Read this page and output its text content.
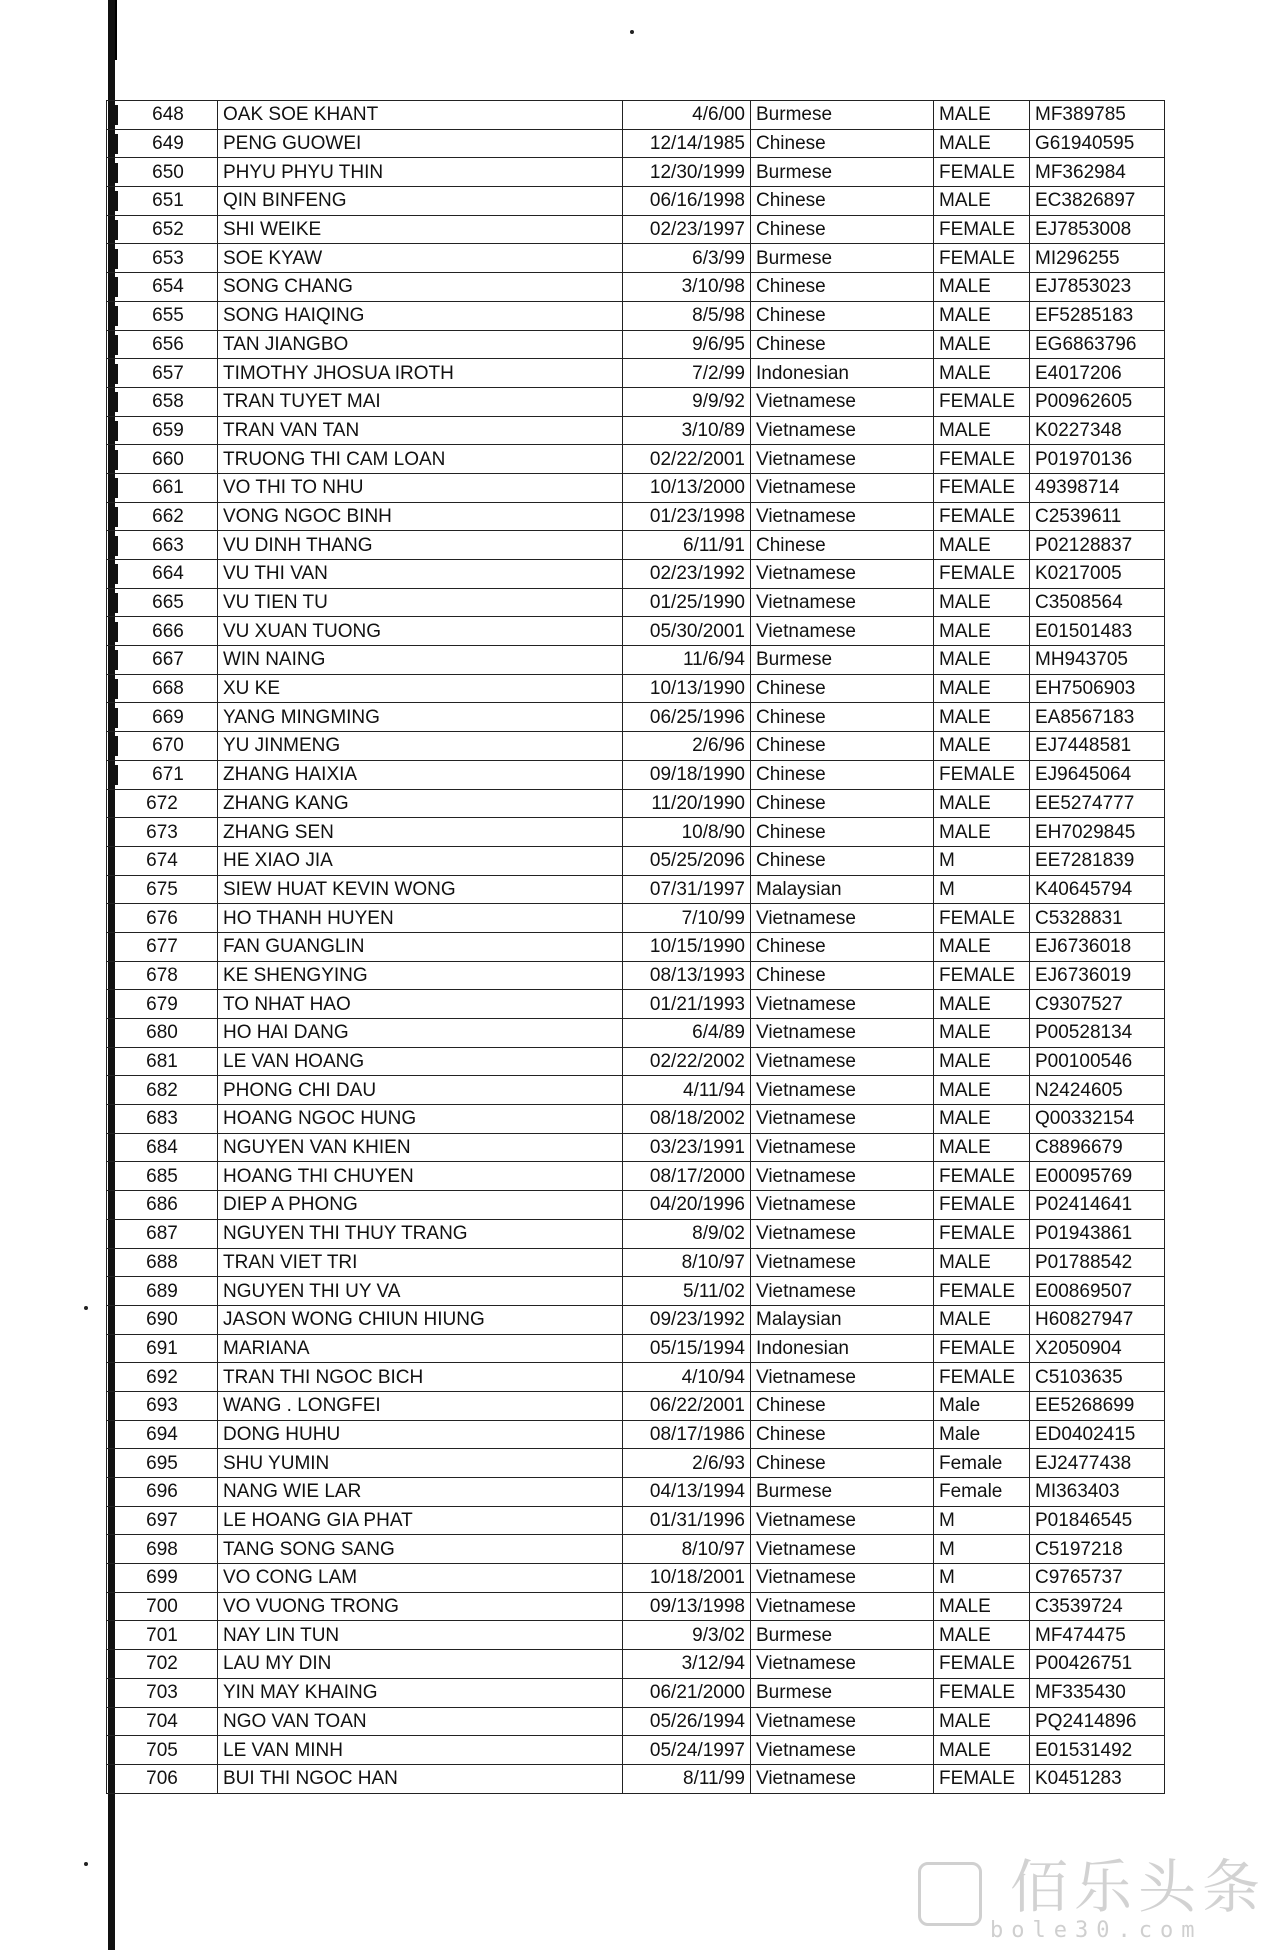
648	OAK SOE KHANT	4/6/00	Burmese	MALE	MF389785

649	PENG GUOWEI	12/14/1985	Chinese	MALE	G61940595

650	PHYU PHYU THIN	12/30/1999	Burmese	FEMALE	MF362984

651	QIN BINFENG	06/16/1998	Chinese	MALE	EC3826897

652	SHI WEIKE	02/23/1997	Chinese	FEMALE	EJ7853008

653	SOE KYAW	6/3/99	Burmese	FEMALE	MI296255

654	SONG CHANG	3/10/98	Chinese	MALE	EJ7853023

655	SONG HAIQING	8/5/98	Chinese	MALE	EF5285183

656	TAN JIANGBO	9/6/95	Chinese	MALE	EG6863796

657	TIMOTHY JHOSUA IROTH	7/2/99	Indonesian	MALE	E4017206

658	TRAN TUYET MAI	9/9/92	Vietnamese	FEMALE	P00962605

659	TRAN VAN TAN	3/10/89	Vietnamese	MALE	K0227348

660	TRUONG THI CAM LOAN	02/22/2001	Vietnamese	FEMALE	P01970136

661	VO THI TO NHU	10/13/2000	Vietnamese	FEMALE	49398714

662	VONG NGOC BINH	01/23/1998	Vietnamese	FEMALE	C2539611

663	VU DINH THANG	6/11/91	Chinese	MALE	P02128837

664	VU THI VAN	02/23/1992	Vietnamese	FEMALE	K0217005

665	VU TIEN TU	01/25/1990	Vietnamese	MALE	C3508564

666	VU XUAN TUONG	05/30/2001	Vietnamese	MALE	E01501483

667	WIN NAING	11/6/94	Burmese	MALE	MH943705

668	XU KE	10/13/1990	Chinese	MALE	EH7506903

669	YANG MINGMING	06/25/1996	Chinese	MALE	EA8567183

670	YU JINMENG	2/6/96	Chinese	MALE	EJ7448581

671	ZHANG HAIXIA	09/18/1990	Chinese	FEMALE	EJ9645064
672	ZHANG KANG	11/20/1990	Chinese	MALE	EE5274777
673	ZHANG SEN	10/8/90	Chinese	MALE	EH7029845
674	HE XIAO JIA	05/25/2096	Chinese	M	EE7281839
675	SIEW HUAT KEVIN WONG	07/31/1997	Malaysian	M	K40645794
676	HO THANH HUYEN	7/10/99	Vietnamese	FEMALE	C5328831
677	FAN GUANGLIN	10/15/1990	Chinese	MALE	EJ6736018
678	KE SHENGYING	08/13/1993	Chinese	FEMALE	EJ6736019
679	TO NHAT HAO	01/21/1993	Vietnamese	MALE	C9307527
680	HO HAI DANG	6/4/89	Vietnamese	MALE	P00528134
681	LE VAN HOANG	02/22/2002	Vietnamese	MALE	P00100546
682	PHONG CHI DAU	4/11/94	Vietnamese	MALE	N2424605
683	HOANG NGOC HUNG	08/18/2002	Vietnamese	MALE	Q00332154
684	NGUYEN VAN KHIEN	03/23/1991	Vietnamese	MALE	C8896679
685	HOANG THI CHUYEN	08/17/2000	Vietnamese	FEMALE	E00095769
686	DIEP A PHONG	04/20/1996	Vietnamese	FEMALE	P02414641
687	NGUYEN THI THUY TRANG	8/9/02	Vietnamese	FEMALE	P01943861
688	TRAN VIET TRI	8/10/97	Vietnamese	MALE	P01788542
689	NGUYEN THI UY VA	5/11/02	Vietnamese	FEMALE	E00869507
690	JASON WONG CHIUN HIUNG	09/23/1992	Malaysian	MALE	H60827947
691	MARIANA	05/15/1994	Indonesian	FEMALE	X2050904
692	TRAN THI NGOC BICH	4/10/94	Vietnamese	FEMALE	C5103635
693	WANG . LONGFEI	06/22/2001	Chinese	Male	EE5268699
694	DONG HUHU	08/17/1986	Chinese	Male	ED0402415
695	SHU YUMIN	2/6/93	Chinese	Female	EJ2477438
696	NANG WIE LAR	04/13/1994	Burmese	Female	MI363403
697	LE HOANG GIA PHAT	01/31/1996	Vietnamese	M	P01846545
698	TANG SONG SANG	8/10/97	Vietnamese	M	C5197218
699	VO CONG LAM	10/18/2001	Vietnamese	M	C9765737
700	VO VUONG TRONG	09/13/1998	Vietnamese	MALE	C3539724
701	NAY LIN TUN	9/3/02	Burmese	MALE	MF474475
702	LAU MY DIN	3/12/94	Vietnamese	FEMALE	P00426751
703	YIN MAY KHAING	06/21/2000	Burmese	FEMALE	MF335430
704	NGO VAN TOAN	05/26/1994	Vietnamese	MALE	PQ2414896
705	LE VAN MINH	05/24/1997	Vietnamese	MALE	E01531492
706	BUI THI NGOC HAN	8/11/99	Vietnamese	FEMALE	K0451283
佰乐头条
bole30.com
